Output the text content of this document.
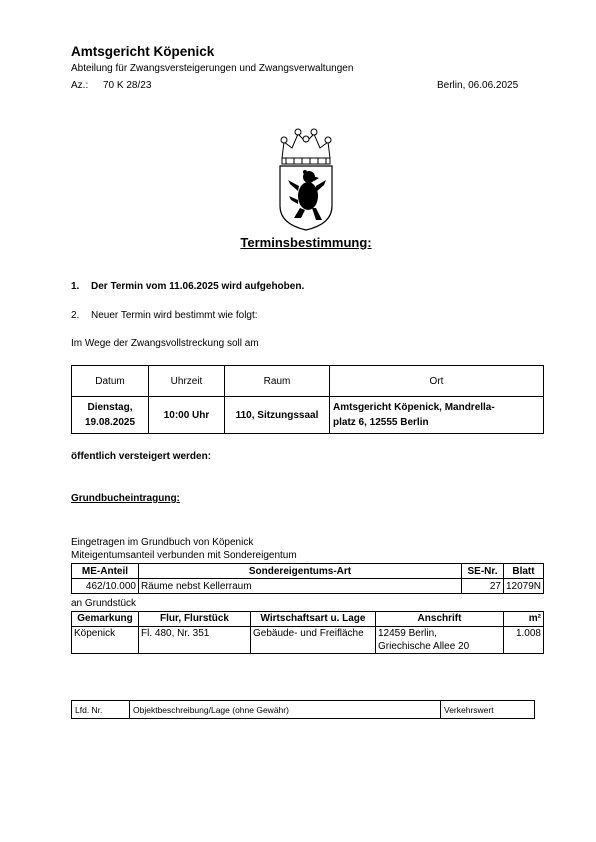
Amtsgericht Köpenick
Abteilung für Zwangsversteigerungen und Zwangsverwaltungen
Az.: 70 K 28/23	Berlin, 06.06.2025
Terminsbestimmung:
1. Der Termin vom 11.06.2025 wird aufgehoben.
2. Neuer Termin wird bestimmt wie folgt:
Im Wege der Zwangsvollstreckung soll am
Datum	Uhrzeit	Raum	Ort
Dienstag,
19.08.2025	10:00 Uhr	110, Sitzungssaal	Amtsgericht Köpenick, Mandrella-
platz 6, 12555 Berlin
öffentlich versteigert werden:
Grundbucheintragung:
Eingetragen im Grundbuch von Köpenick
Miteigentumsanteil verbunden mit Sondereigentum
ME-Anteil	Sondereigentums-Art	SE-Nr.	Blatt
462/10.000	Räume nebst Kellerraum	27	12079N
an Grundstück
Gemarkung	Flur, Flurstück	Wirtschaftsart u. Lage	Anschrift	m²
Köpenick	Fl. 480, Nr. 351	Gebäude- und Freifläche	12459 Berlin,
Griechische Allee 20	1.008
Lfd. Nr.	Objektbeschreibung/Lage (ohne Gewähr)	Verkehrswert
